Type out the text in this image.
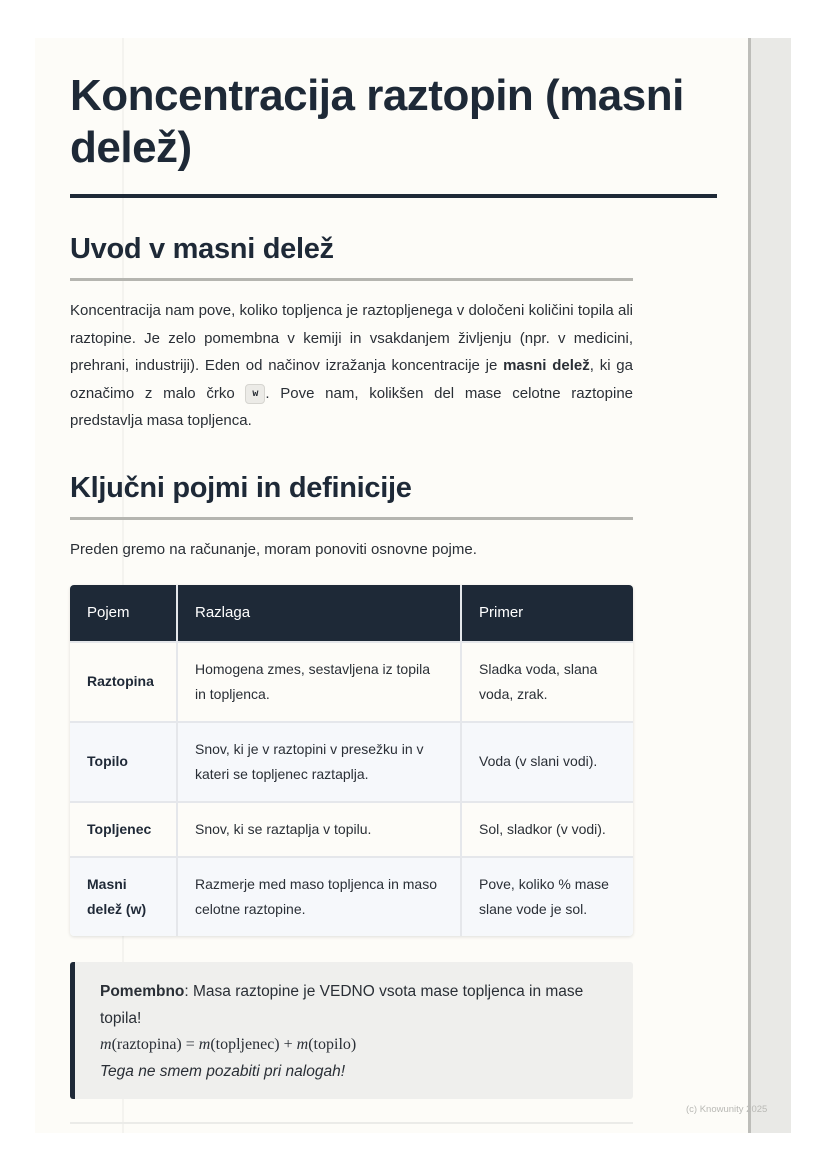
Koncentracija raztopin (masni delež)
Uvod v masni delež

Koncentracija nam pove, koliko topljenca je raztopljenega v določeni količini topila ali raztopine. Je zelo pomembna v kemiji in vsakdanjem življenju (npr. v medicini, prehrani, industriji). Eden od načinov izražanja koncentracije je masni delež, ki ga označimo z malo črko w . Pove nam, kolikšen del mase celotne raztopine predstavlja masa topljenca.

Ključni pojmi in definicije

Preden gremo na računanje, moram ponoviti osnovne pojme.

Pojem	Razlaga	Primer
Raztopina	Homogena zmes, sestavljena iz topila in topljenca.	Sladka voda, slana voda, zrak.
Topilo	Snov, ki je v raztopini v presežku in v kateri se topljenec raztaplja.	Voda (v slani vodi).
Topljenec	Snov, ki se raztaplja v topilu.	Sol, sladkor (v vodi).
Masni delež (w)	Razmerje med maso topljenca in maso celotne raztopine.	Pove, koliko % mase slane vode je sol.
Pomembno: Masa raztopine je VEDNO vsota mase topljenca in mase topila!
m(raztopina) = m(topljenec) + m(topilo)
Tega ne smem pozabiti pri nalogah!
(c) Knowunity 2025
